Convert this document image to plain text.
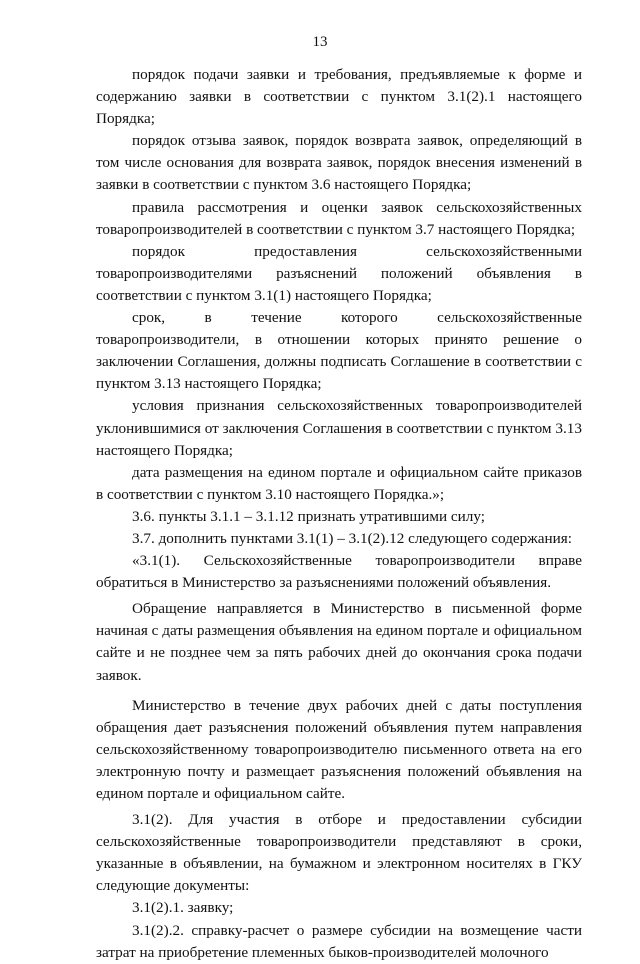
13

порядок подачи заявки и требования, предъявляемые к форме и содержанию заявки в соответствии с пунктом 3.1(2).1 настоящего Порядка;

порядок отзыва заявок, порядок возврата заявок, определяющий в том числе основания для возврата заявок, порядок внесения изменений в заявки в соответствии с пунктом 3.6 настоящего Порядка;

правила рассмотрения и оценки заявок сельскохозяйственных товаропроизводителей в соответствии с пунктом 3.7 настоящего Порядка;

порядок предоставления сельскохозяйственными товаропроизводителями разъяснений положений объявления в соответствии с пунктом 3.1(1) настоящего Порядка;

срок, в течение которого сельскохозяйственные товаропроизводители, в отношении которых принято решение о заключении Соглашения, должны подписать Соглашение в соответствии с пунктом 3.13 настоящего Порядка;

условия признания сельскохозяйственных товаропроизводителей уклонившимися от заключения Соглашения в соответствии с пунктом 3.13 настоящего Порядка;

дата размещения на едином портале и официальном сайте приказов в соответствии с пунктом 3.10 настоящего Порядка.»;

3.6. пункты 3.1.1 – 3.1.12 признать утратившими силу;

3.7. дополнить пунктами 3.1(1) – 3.1(2).12 следующего содержания:

«3.1(1). Сельскохозяйственные товаропроизводители вправе обратиться в Министерство за разъяснениями положений объявления.

Обращение направляется в Министерство в письменной форме начиная с даты размещения объявления на едином портале и официальном сайте и не позднее чем за пять рабочих дней до окончания срока подачи заявок.

Министерство в течение двух рабочих дней с даты поступления обращения дает разъяснения положений объявления путем направления сельскохозяйственному товаропроизводителю письменного ответа на его электронную почту и размещает разъяснения положений объявления на едином портале и официальном сайте.

3.1(2). Для участия в отборе и предоставлении субсидии сельскохозяйственные товаропроизводители представляют в сроки, указанные в объявлении, на бумажном и электронном носителях в ГКУ следующие документы:

3.1(2).1. заявку;

3.1(2).2. справку-расчет о размере субсидии на возмещение части затрат на приобретение племенных быков-производителей молочного
